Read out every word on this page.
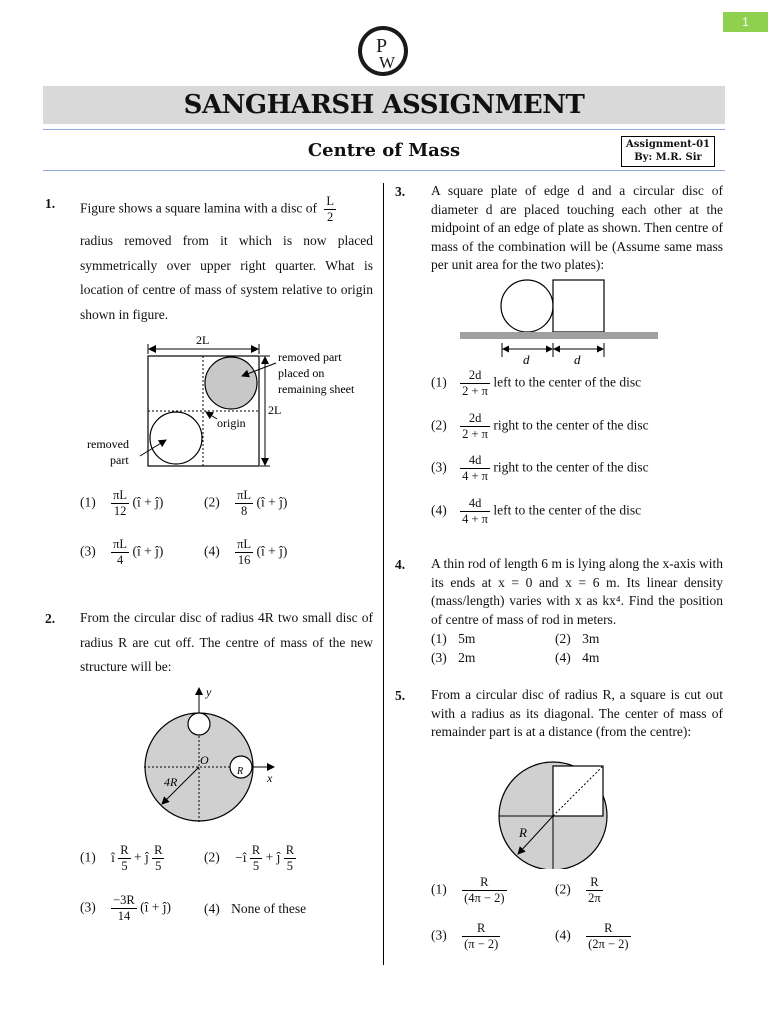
1
P
W
SANGHARSH ASSIGNMENT
Centre of Mass	Assignment-01
By: M.R. Sir
1. Figure shows a square lamina with a disc of $\frac{L}{2}$
radius removed from it which is now placed symmetrically over upper right quarter. What is location of centre of mass of system relative to origin shown in figure.
2L
2L
removed part
placed on
remaining sheet
origin
removed
part
$(1) \frac{\pi L}{12}$ (î + ĵ)	$(2) \frac{\pi L}{8}$ (î + ĵ)
$(3) \frac{\pi L}{4}$ (î + ĵ)	$(4) \frac{\pi L}{16}$ (î + ĵ)
2. From the circular disc of radius 4R two small disc of radius R are cut off. The centre of mass of the new structure will be:
y
x
O
4R
R
(1) î $\frac{R}{5}$ + ĵ $\frac{R}{5}$	(2) −î $\frac{R}{5}$ + ĵ $\frac{R}{5}$
$(3) \frac{-3R}{14}$ (î + ĵ) (4) None of these
3. A square plate of edge d and a circular disc of diameter d are placed touching each other at the midpoint of an edge of plate as shown. Then centre of mass of the combination will be (Assume same mass per unit area for the two plates):
d	d
$(1) \frac{2d}{2 + \pi}$ left to the center of the disc
$(2) \frac{2d}{2 + \pi}$ right to the center of the disc
$(3) \frac{4d}{4 + \pi}$ right to the center of the disc
$(4) \frac{4d}{4 + \pi}$ left to the center of the disc
4. A thin rod of length 6 m is lying along the x-axis with its ends at x = 0 and x = 6 m. Its linear density (mass/length) varies with x as kx⁴. Find the position of centre of mass of rod in meters.
(1) 5m	(2) 3m
(3) 2m	(4) 4m
5. From a circular disc of radius R, a square is cut out with a radius as its diagonal. The center of mass of remainder part is at a distance (from the centre):
R
$(1) \frac{R}{(4\pi - 2)}$	$(2) \frac{R}{2\pi}$
$(3) \frac{R}{(\pi - 2)}$	$(4) \frac{R}{(2\pi - 2)}$
